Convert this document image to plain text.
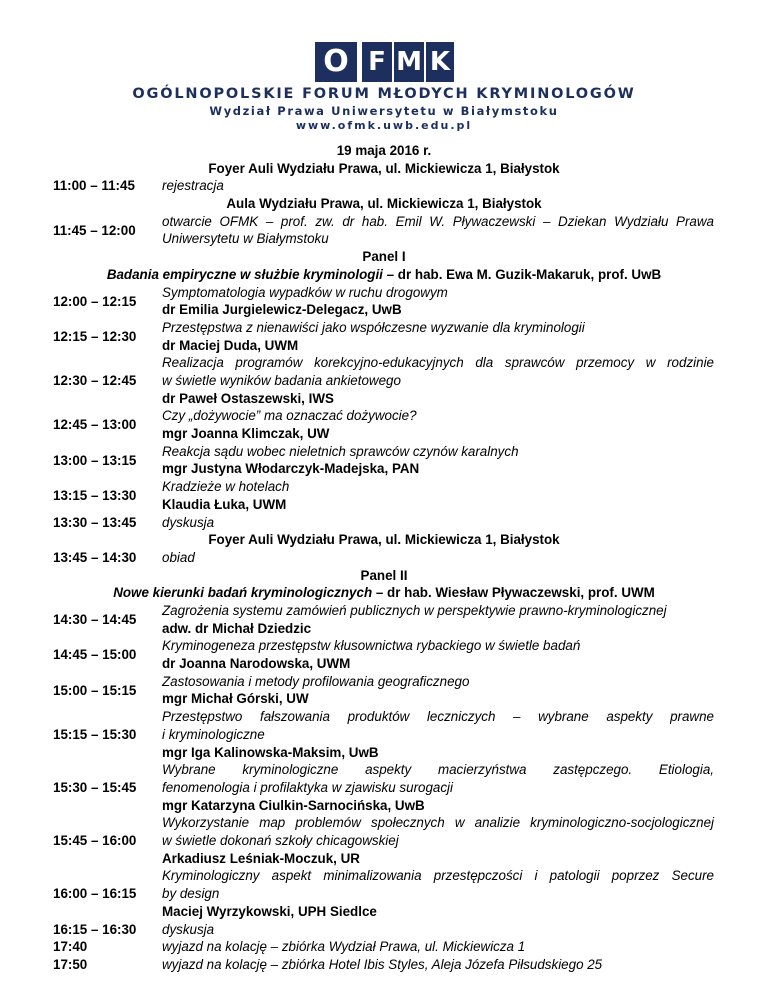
O F M K
OGÓLNOPOLSKIE FORUM MŁODYCH KRYMINOLOGÓW
Wydział Prawa Uniwersytetu w Białymstoku
www.ofmk.uwb.edu.pl
19 maja 2016 r.
Foyer Auli Wydziału Prawa, ul. Mickiewicza 1, Białystok
11:00 – 11:45 rejestracja
Aula Wydziału Prawa, ul. Mickiewicza 1, Białystok
11:45 – 12:00
otwarcie OFMK – prof. zw. dr hab. Emil W. Pływaczewski – Dziekan Wydziału Prawa
Uniwersytetu w Białymstoku
Panel I
Badania empiryczne w służbie kryminologii – dr hab. Ewa M. Guzik-Makaruk, prof. UwB
12:00 – 12:15
Symptomatologia wypadków w ruchu drogowym
dr Emilia Jurgielewicz-Delegacz, UwB
12:15 – 12:30
Przestępstwa z nienawiści jako współczesne wyzwanie dla kryminologii
dr Maciej Duda, UWM
12:30 – 12:45
Realizacja programów korekcyjno-edukacyjnych dla sprawców przemocy w rodzinie
w świetle wyników badania ankietowego
dr Paweł Ostaszewski, IWS
12:45 – 13:00
Czy „dożywocie” ma oznaczać dożywocie?
mgr Joanna Klimczak, UW
13:00 – 13:15
Reakcja sądu wobec nieletnich sprawców czynów karalnych
mgr Justyna Włodarczyk-Madejska, PAN
13:15 – 13:30
Kradzieże w hotelach
Klaudia Łuka, UWM
13:30 – 13:45 dyskusja
Foyer Auli Wydziału Prawa, ul. Mickiewicza 1, Białystok
13:45 – 14:30 obiad
Panel II
Nowe kierunki badań kryminologicznych – dr hab. Wiesław Pływaczewski, prof. UWM
14:30 – 14:45
Zagrożenia systemu zamówień publicznych w perspektywie prawno-kryminologicznej
adw. dr Michał Dziedzic
14:45 – 15:00
Kryminogeneza przestępstw kłusownictwa rybackiego w świetle badań
dr Joanna Narodowska, UWM
15:00 – 15:15
Zastosowania i metody profilowania geograficznego
mgr Michał Górski, UW
15:15 – 15:30
Przestępstwo fałszowania produktów leczniczych – wybrane aspekty prawne
i kryminologiczne
mgr Iga Kalinowska-Maksim, UwB
15:30 – 15:45
Wybrane kryminologiczne aspekty macierzyństwa zastępczego. Etiologia,
fenomenologia i profilaktyka w zjawisku surogacji
mgr Katarzyna Ciulkin-Sarnocińska, UwB
15:45 – 16:00
Wykorzystanie map problemów społecznych w analizie kryminologiczno-socjologicznej
w świetle dokonań szkoły chicagowskiej
Arkadiusz Leśniak-Moczuk, UR
16:00 – 16:15
Kryminologiczny aspekt minimalizowania przestępczości i patologii poprzez Secure
by design
Maciej Wyrzykowski, UPH Siedlce
16:15 – 16:30 dyskusja
17:40	wyjazd na kolację – zbiórka Wydział Prawa, ul. Mickiewicza 1
17:50	wyjazd na kolację – zbiórka Hotel Ibis Styles, Aleja Józefa Piłsudskiego 25
